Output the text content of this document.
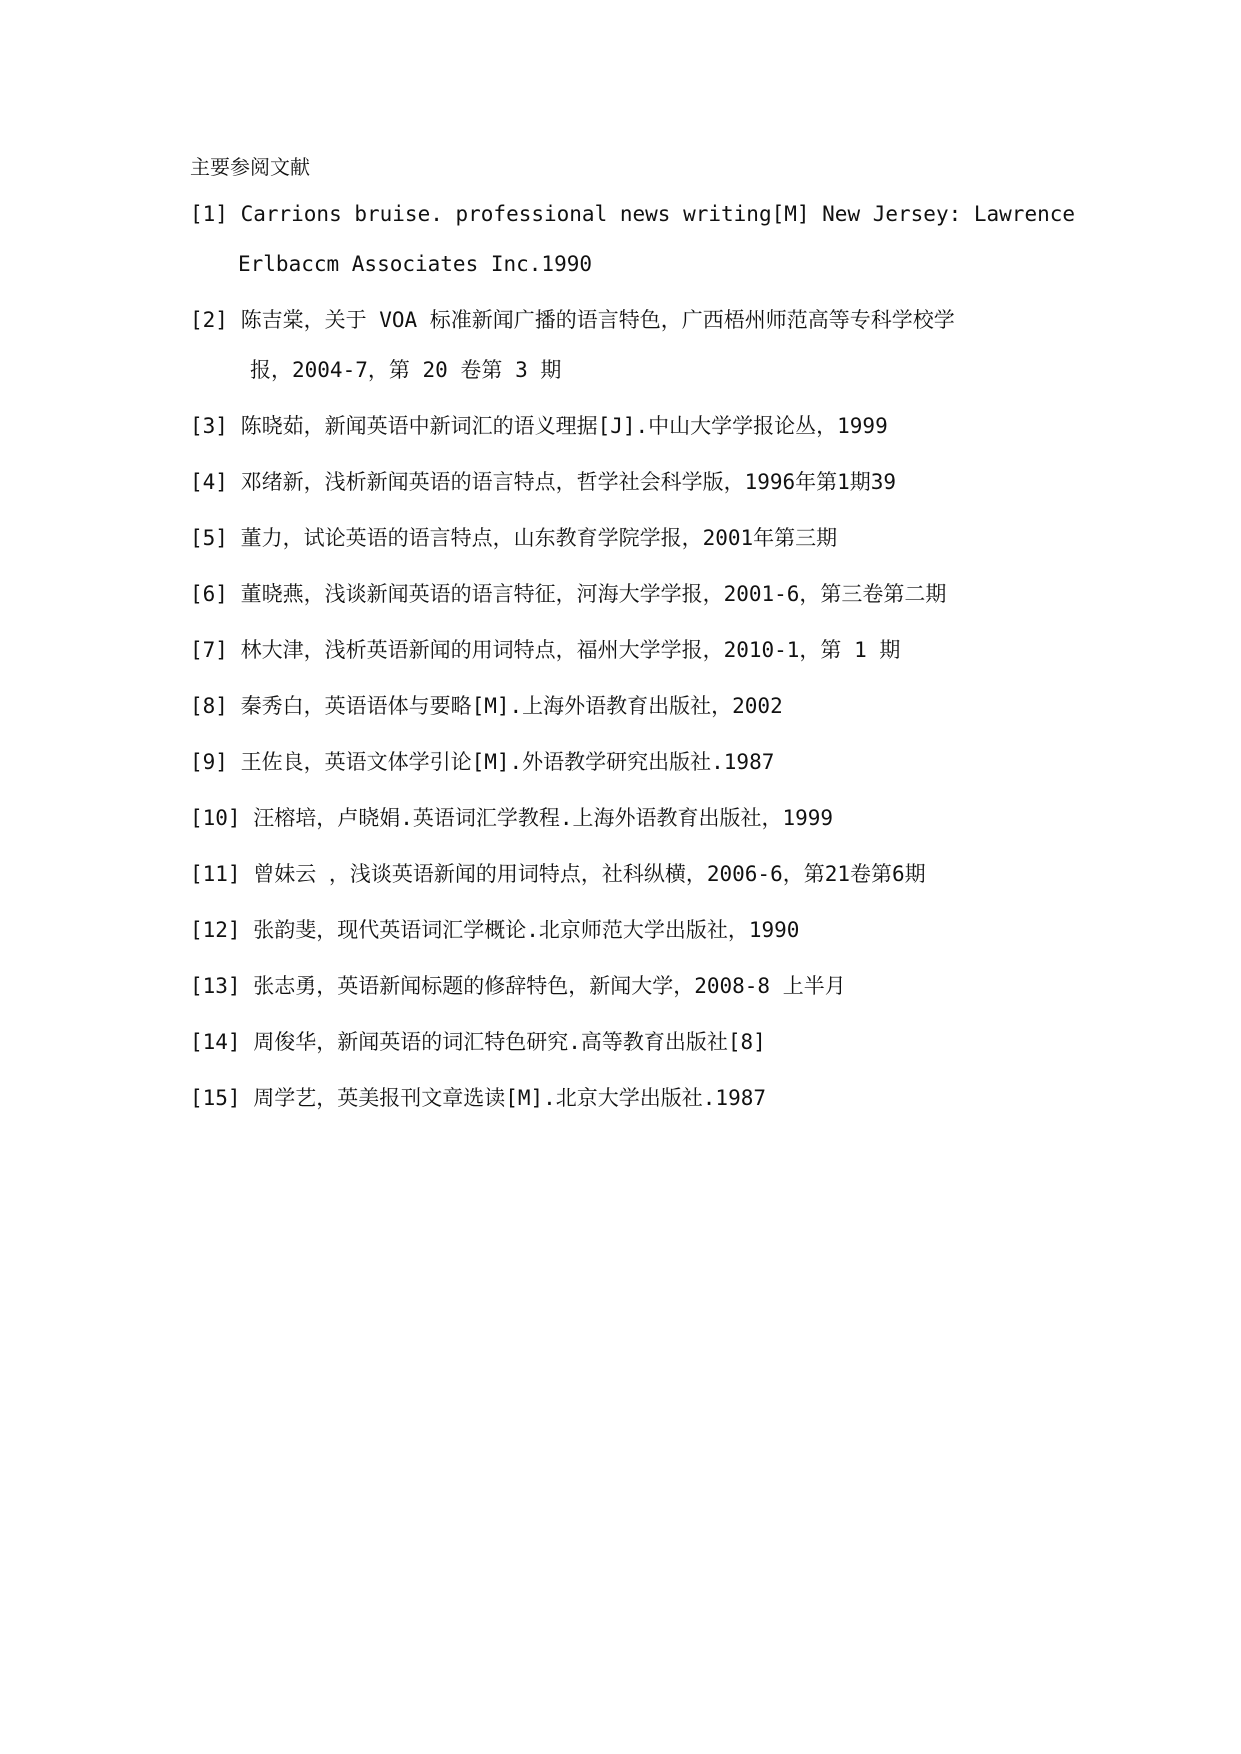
主要参阅文献
[1] Carrions bruise. professional news writing[M] New Jersey: Lawrence
Erlbaccm Associates Inc.1990
[2] 陈吉棠，关于 VOA 标准新闻广播的语言特色，广西梧州师范高等专科学校学
报，2004-7，第 20 卷第 3 期
[3] 陈晓茹，新闻英语中新词汇的语义理据[J].中山大学学报论丛，1999
[4] 邓绪新，浅析新闻英语的语言特点，哲学社会科学版，1996年第1期39
[5] 董力，试论英语的语言特点，山东教育学院学报，2001年第三期
[6] 董晓燕，浅谈新闻英语的语言特征，河海大学学报，2001-6，第三卷第二期
[7] 林大津，浅析英语新闻的用词特点，福州大学学报，2010-1，第 1 期
[8] 秦秀白，英语语体与要略[M].上海外语教育出版社，2002
[9] 王佐良，英语文体学引论[M].外语教学研究出版社.1987
[10] 汪榕培，卢晓娟.英语词汇学教程.上海外语教育出版社，1999
[11] 曾妹云 ，浅谈英语新闻的用词特点，社科纵横，2006-6，第21卷第6期
[12] 张韵斐，现代英语词汇学概论.北京师范大学出版社，1990
[13] 张志勇，英语新闻标题的修辞特色，新闻大学，2008-8 上半月
[14] 周俊华，新闻英语的词汇特色研究.高等教育出版社[8]
[15] 周学艺，英美报刊文章选读[M].北京大学出版社.1987
